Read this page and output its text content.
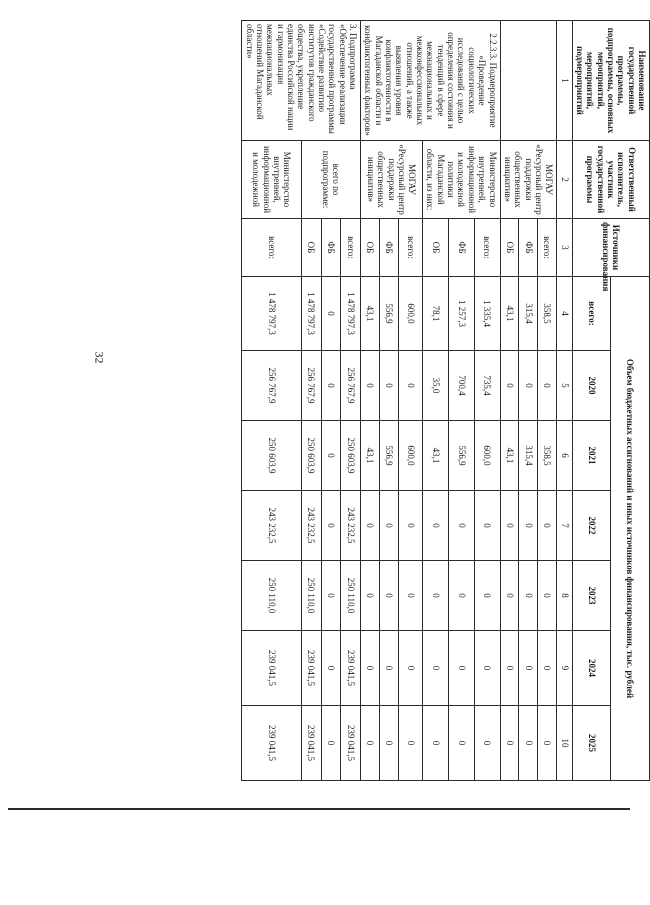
32
Наименование государственной программы, подпрограммы, основных мероприятий, мероприятий, подмероприятий	Ответственный исполнитель, участник государственной программы	Источники финансирования	Объем бюджетных ассигнований и иных источников финансирования, тыс. рублей						
			всего:	2020	2021	2022	2023	2024	2025
1	2	3	4	5	6	7	8	9	10
	МОГАУ «Ресурсный центр поддержки общественных инициатив»	всего:	358,5	0	358,5	0	0	0	0
		ФБ	315,4	0	315,4	0	0	0	0
		ОБ	43,1	0	43,1	0	0	0	0
2.2.3.3. Подмероприятие «Проведение социологических исследований с целью определения состояния и тенденций в сфере межнациональных и межконфессиональных отношений, а также выявления уровня конфликтогенности в Магаданской области и конфликтогенных факторов»	Министерство внутренней, информационной и молодежной политики Магаданской области, из них:	всего:	1 335,4	735,4	600,0	0	0	0	0
		ФБ	1 257,3	700,4	556,9	0	0	0	0
		ОБ	78,1	35,0	43,1	0	0	0	0
	МОГАУ «Ресурсный центр поддержки общественных инициатив»	всего:	600,0	0	600,0	0	0	0	0
		ФБ	556,9	0	556,9	0	0	0	0
		ОБ	43,1	0	43,1	0	0	0	0
3. Подпрограмма «Обеспечение реализации государственной программы «Содействие развитию институтов гражданского общества, укрепление единства Российской нации и гармонизация межнациональных отношений Магаданской области»	всего по подпрограмме:	всего:	1 478 797,3	256 767,9	250 603,9	243 232,5	250 110,0	239 041,5	239 041,5
		ФБ	0	0	0	0	0	0	0
		ОБ	1 478 797,3	256 767,9	250 603,9	243 232,5	250 110,0	239 041,5	239 041,5
	Министерство внутренней, информационной и молодежной	всего:	1 478 797,3	256 767,9	250 603,9	243 232,5	250 110,0	239 041,5	239 041,5
